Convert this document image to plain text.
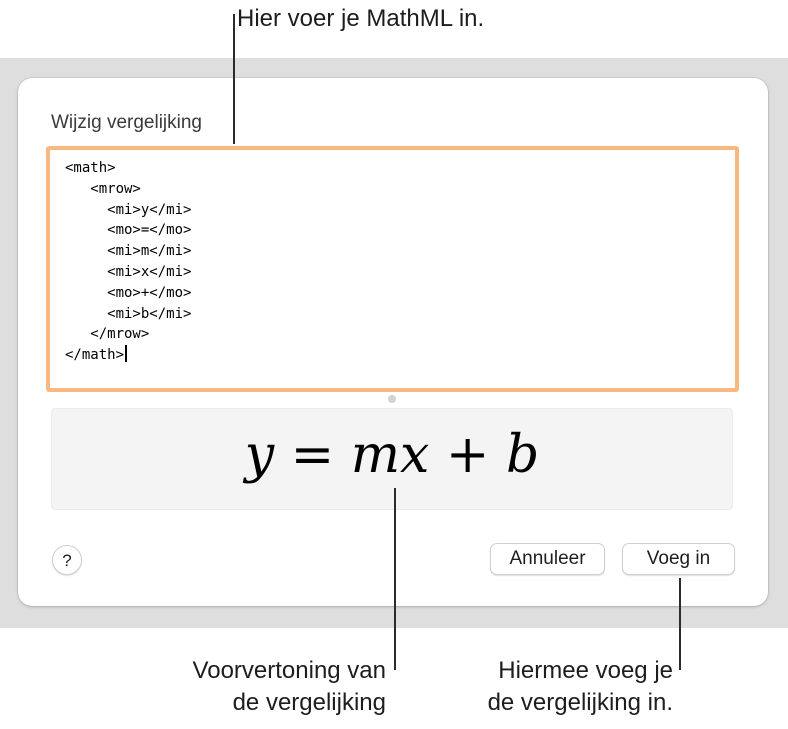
Wijzig vergelijking
<math>
<mrow>
<mi>y</mi>
<mo>=</mo>
<mi>m</mi>
<mi>x</mi>
<mo>+</mo>
<mi>b</mi>
</mrow>
</math>
y = mx + b
?	Annuleer	Voeg in
Hier voer je MathML in.
Voorvertoning van
de vergelijking
Hiermee voeg je
de vergelijking in.
